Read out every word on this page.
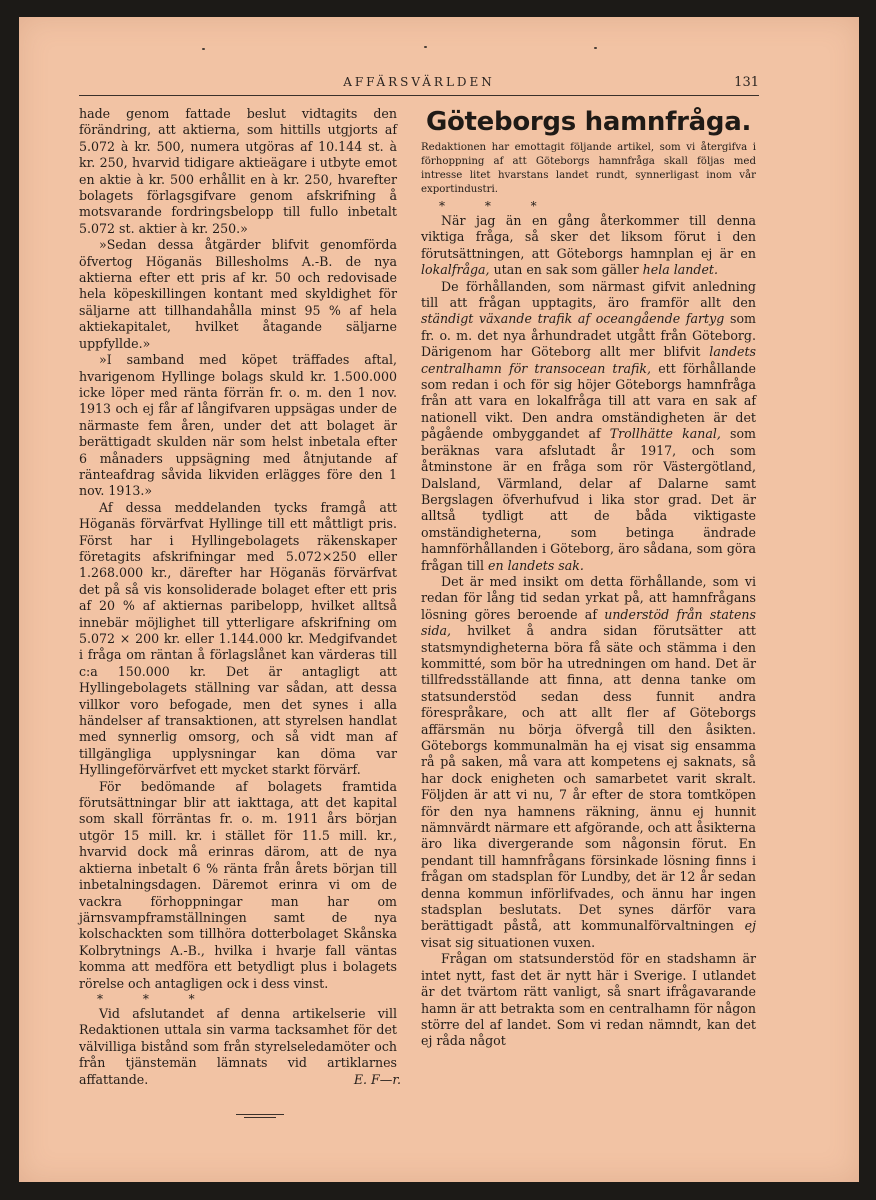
AFFÄRSVÄRLDEN	131

hade genom fattade beslut vidtagits den förändring, att aktierna, som hittills utgjorts af 5.072 à kr. 500, numera utgöras af 10.144 st. à kr. 250, hvarvid tidigare aktieägare i utbyte emot en aktie à kr. 500 erhållit en à kr. 250, hvarefter bolagets förlagsgifvare genom afskrifning å motsvarande fordringsbelopp till fullo inbetalt 5.072 st. aktier à kr. 250.»

»Sedan dessa åtgärder blifvit genomförda öfvertog Höganäs Billesholms A.-B. de nya aktierna efter ett pris af kr. 50 och redovisade hela köpeskillingen kontant med skyldighet för säljarne att tillhandahålla minst 95 % af hela aktiekapitalet, hvilket åtagande säljarne uppfyllde.»

»I samband med köpet träffades aftal, hvarigenom Hyllinge bolags skuld kr. 1.500.000 icke löper med ränta förrän fr. o. m. den 1 nov. 1913 och ej får af långifvaren uppsägas under de närmaste fem åren, under det att bolaget är berättigadt skulden när som helst inbetala efter 6 månaders uppsägning med åtnjutande af ränteafdrag såvida likviden erlägges före den 1 nov. 1913.»

Af dessa meddelanden tycks framgå att Höganäs förvärfvat Hyllinge till ett måttligt pris. Först har i Hyllingebolagets räkenskaper företagits afskrifningar med 5.072×250 eller 1.268.000 kr., därefter har Höganäs förvärfvat det på så vis konsoliderade bolaget efter ett pris af 20 % af aktiernas paribelopp, hvilket alltså innebär möjlighet till ytterligare afskrifning om 5.072 × 200 kr. eller 1.144.000 kr. Medgifvandet i fråga om räntan å förlagslånet kan värderas till c:a 150.000 kr. Det är antagligt att Hyllingebolagets ställning var sådan, att dessa villkor voro befogade, men det synes i alla händelser af transaktionen, att styrelsen handlat med synnerlig omsorg, och så vidt man af tillgängliga upplysningar kan döma var Hyllingeförvärfvet ett mycket starkt förvärf.

För bedömande af bolagets framtida förutsättningar blir att iakttaga, att det kapital som skall förräntas fr. o. m. 1911 års början utgör 15 mill. kr. i stället för 11.5 mill. kr., hvarvid dock må erinras därom, att de nya aktierna inbetalt 6 % ränta från årets början till inbetalningsdagen. Däremot erinra vi om de vackra förhoppningar man har om järnsvampframställningen samt de nya kolschackten som tillhöra dotterbolaget Skånska Kolbrytnings A.-B., hvilka i hvarje fall väntas komma att medföra ett betydligt plus i bolagets rörelse och antagligen ock i dess vinst.

* * *

Vid afslutandet af denna artikelserie vill Redaktionen uttala sin varma tacksamhet för det välvilliga bistånd som från styrelseledamöter och från tjänstemän lämnats vid artiklarnes affattande.	E. F—r.
Göteborgs hamnfråga.

Redaktionen har emottagit följande artikel, som vi återgifva i förhoppning af att Göteborgs hamnfråga skall följas med intresse litet hvarstans landet rundt, synnerligast inom vår exportindustri.

* * *

När jag än en gång återkommer till denna viktiga fråga, så sker det liksom förut i den förutsättningen, att Göteborgs hamnplan ej är en lokalfråga, utan en sak som gäller hela landet.

De förhållanden, som närmast gifvit anledning till att frågan upptagits, äro framför allt den ständigt växande trafik af oceangående fartyg som fr. o. m. det nya århundradet utgått från Göteborg. Därigenom har Göteborg allt mer blifvit landets centralhamn för transocean trafik, ett förhållande som redan i och för sig höjer Göteborgs hamnfråga från att vara en lokalfråga till att vara en sak af nationell vikt. Den andra omständigheten är det pågående ombyggandet af Trollhätte kanal, som beräknas vara afslutadt år 1917, och som åtminstone är en fråga som rör Västergötland, Dalsland, Värmland, delar af Dalarne samt Bergslagen öfverhufvud i lika stor grad. Det är alltså tydligt att de båda viktigaste omständigheterna, som betinga ändrade hamnförhållanden i Göteborg, äro sådana, som göra frågan till en landets sak.

Det är med insikt om detta förhållande, som vi redan för lång tid sedan yrkat på, att hamnfrågans lösning göres beroende af understöd från statens sida, hvilket å andra sidan förutsätter att statsmyndigheterna böra få säte och stämma i den kommitté, som bör ha utredningen om hand. Det är tillfredsställande att finna, att denna tanke om statsunderstöd sedan dess funnit andra förespråkare, och att allt fler af Göteborgs affärsmän nu börja öfvergå till den åsikten. Göteborgs kommunalmän ha ej visat sig ensamma rå på saken, må vara att kompetens ej saknats, så har dock enigheten och samarbetet varit skralt. Följden är att vi nu, 7 år efter de stora tomtköpen för den nya hamnens räkning, ännu ej hunnit nämnvärdt närmare ett afgörande, och att åsikterna äro lika divergerande som någonsin förut. En pendant till hamnfrågans försinkade lösning finns i frågan om stadsplan för Lundby, det är 12 år sedan denna kommun införlifvades, och ännu har ingen stadsplan beslutats. Det synes därför vara berättigadt påstå, att kommunalförvaltningen ej visat sig situationen vuxen.

Frågan om statsunderstöd för en stadshamn är intet nytt, fast det är nytt här i Sverige. I utlandet är det tvärtom rätt vanligt, så snart ifrågavarande hamn är att betrakta som en centralhamn för någon större del af landet. Som vi redan nämndt, kan det ej råda något
